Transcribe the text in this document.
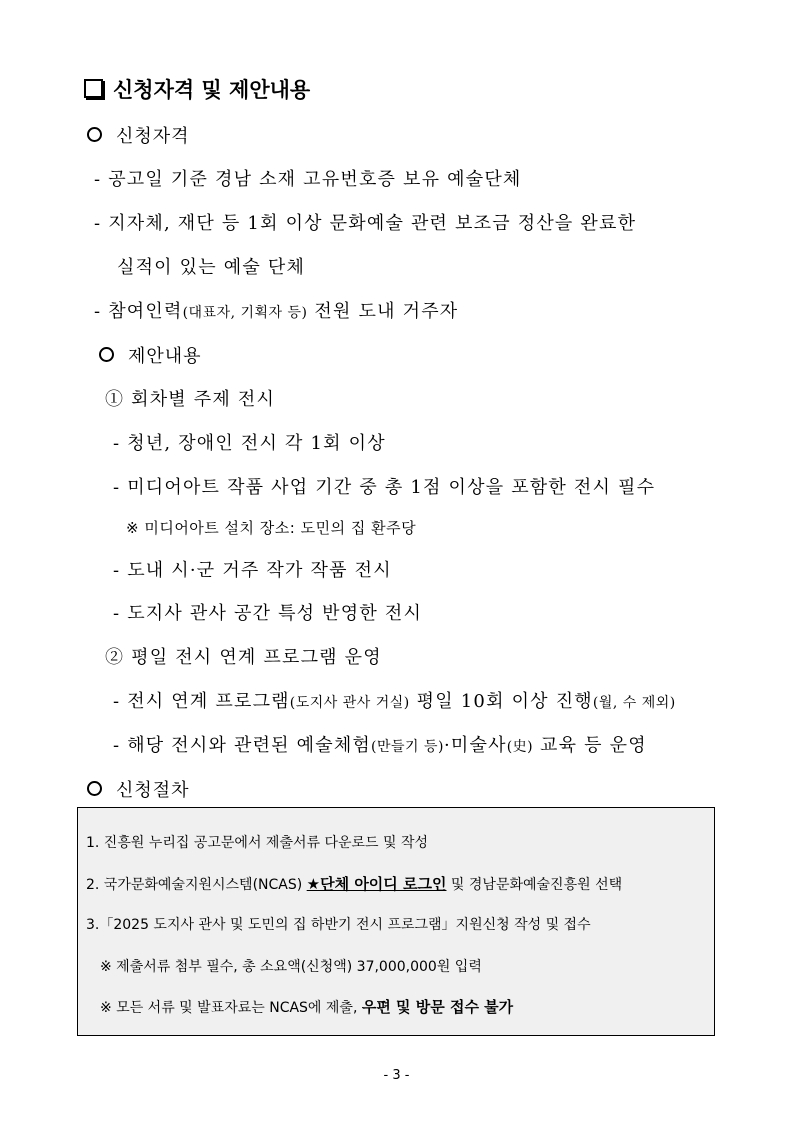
신청자격 및 제안내용
신청자격
- 공고일 기준 경남 소재 고유번호증 보유 예술단체
- 지자체, 재단 등 1회 이상 문화예술 관련 보조금 정산을 완료한
실적이 있는 예술 단체
- 참여인력(대표자, 기획자 등) 전원 도내 거주자
제안내용
① 회차별 주제 전시
- 청년, 장애인 전시 각 1회 이상
- 미디어아트 작품 사업 기간 중 총 1점 이상을 포함한 전시 필수
※ 미디어아트 설치 장소: 도민의 집 환주당
- 도내 시·군 거주 작가 작품 전시
- 도지사 관사 공간 특성 반영한 전시
② 평일 전시 연계 프로그램 운영
- 전시 연계 프로그램(도지사 관사 거실) 평일 10회 이상 진행(월, 수 제외)
- 해당 전시와 관련된 예술체험(만들기 등)·미술사(史) 교육 등 운영
신청절차
1. 진흥원 누리집 공고문에서 제출서류 다운로드 및 작성
2. 국가문화예술지원시스템(NCAS) ★단체 아이디 로그인 및 경남문화예술진흥원 선택
3.「2025 도지사 관사 및 도민의 집 하반기 전시 프로그램」지원신청 작성 및 접수
※ 제출서류 첨부 필수, 총 소요액(신청액) 37,000,000원 입력
※ 모든 서류 및 발표자료는 NCAS에 제출, 우편 및 방문 접수 불가
- 3 -
